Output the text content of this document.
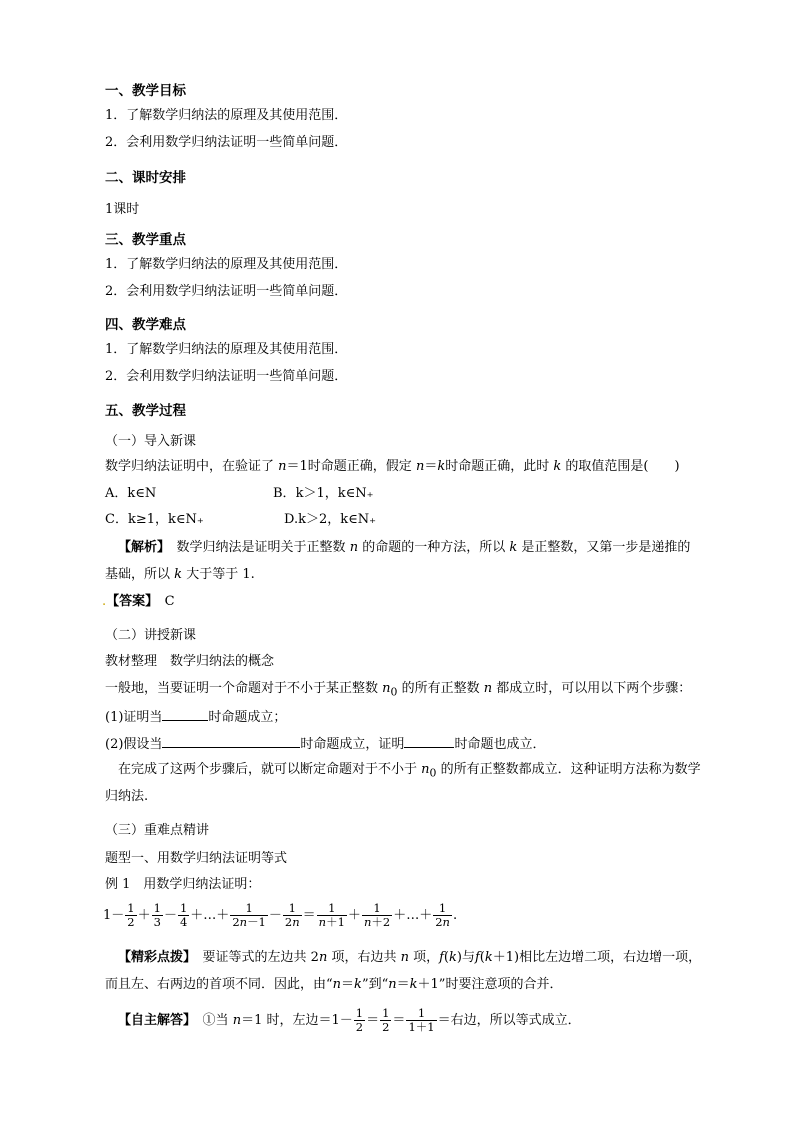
一、教学目标
1．了解数学归纳法的原理及其使用范围．
2．会利用数学归纳法证明一些简单问题．
二、课时安排
1课时
三、教学重点
1．了解数学归纳法的原理及其使用范围．
2．会利用数学归纳法证明一些简单问题．
四、教学难点
1．了解数学归纳法的原理及其使用范围．
2．会利用数学归纳法证明一些简单问题．
五、教学过程
（一）导入新课
数学归纳法证明中，在验证了 n＝1时命题正确，假定 n＝k时命题正确，此时 k 的取值范围是(　　)
A．k∈N	B．k＞1，k∈N₊
C．k≥1，k∈N₊	D.k＞2，k∈N₊
【解析】　 数学归纳法是证明关于正整数 n 的命题的一种方法，所以 k 是正整数，又第一步是递推的
基础，所以 k 大于等于 1.
.【答案】　 C
（二）讲授新课
教材整理　数学归纳法的概念
一般地，当要证明一个命题对于不小于某正整数 $n_0$ 的所有正整数 n 都成立时，可以用以下两个步骤：
(1)证明当	时命题成立；
(2)假设当	时命题成立，证明	时命题也成立．
在完成了这两个步骤后，就可以断定命题对于不小于 $n_0$ 的所有正整数都成立．这种证明方法称为数学
归纳法.
（三）重难点精讲
题型一、用数学归纳法证明等式
例 1　用数学归纳法证明：
$1- \frac{1}{2} + \frac{1}{3} - \frac{1}{4}$ ＋…＋ $\frac{1}{2n-1} - \frac{1}{2n} = \frac{1}{n+1} + \frac{1}{n+2}$ ＋…＋ $\frac{1}{2n}$ .
【精彩点拨】　 要证等式的左边共 2n 项，右边共 n 项，f(k)与f(k＋1)相比左边增二项，右边增一项，
而且左、右两边的首项不同．因此，由“n＝k”到“n＝k＋1”时要注意项的合并．
【自主解答】　 ①当 n＝1 时，左边$=1- \frac{1}{2} = \frac{1}{2} = \frac{1}{1+1}$ ＝右边，所以等式成立．
